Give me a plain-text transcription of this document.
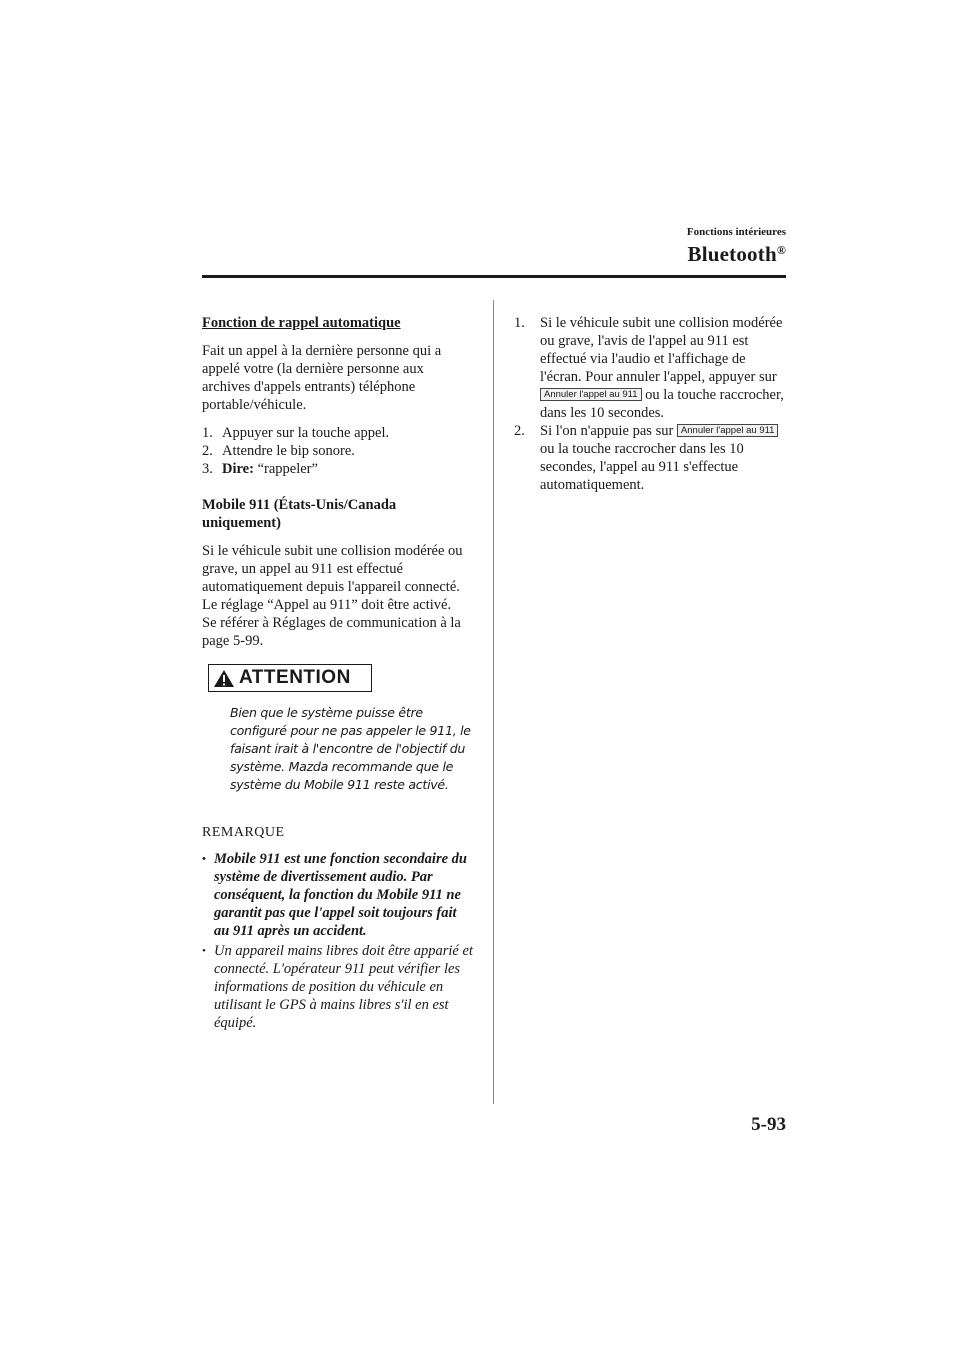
Fonctions intérieures
Bluetooth®
Fonction de rappel automatique

Fait un appel à la dernière personne qui a appelé votre (la dernière personne aux archives d'appels entrants) téléphone portable/véhicule.

1. Appuyer sur la touche appel.
2. Attendre le bip sonore.
3. Dire: “rappeler”
Mobile 911 (États-Unis/Canada uniquement)

Si le véhicule subit une collision modérée ou grave, un appel au 911 est effectué automatiquement depuis l'appareil connecté. Le réglage “Appel au 911” doit être activé.

Se référer à Réglages de communication à la page 5-99.

ATTENTION

Bien que le système puisse être configuré pour ne pas appeler le 911, le faisant irait à l'encontre de l'objectif du système. Mazda recommande que le système du Mobile 911 reste activé.

REMARQUE
• Mobile 911 est une fonction secondaire du système de divertissement audio. Par conséquent, la fonction du Mobile 911 ne garantit pas que l'appel soit toujours fait au 911 après un accident.
• Un appareil mains libres doit être apparié et connecté. L'opérateur 911 peut vérifier les informations de position du véhicule en utilisant le GPS à mains libres s'il en est équipé.
1.	Si le véhicule subit une collision modérée ou grave, l'avis de l'appel au 911 est effectué via l'audio et l'affichage de l'écran. Pour annuler l'appel, appuyer sur Annuler l'appel au 911 ou la touche raccrocher, dans les 10 secondes.
2.	Si l'on n'appuie pas sur Annuler l'appel au 911 ou la touche raccrocher dans les 10 secondes, l'appel au 911 s'effectue automatiquement.
5-93
